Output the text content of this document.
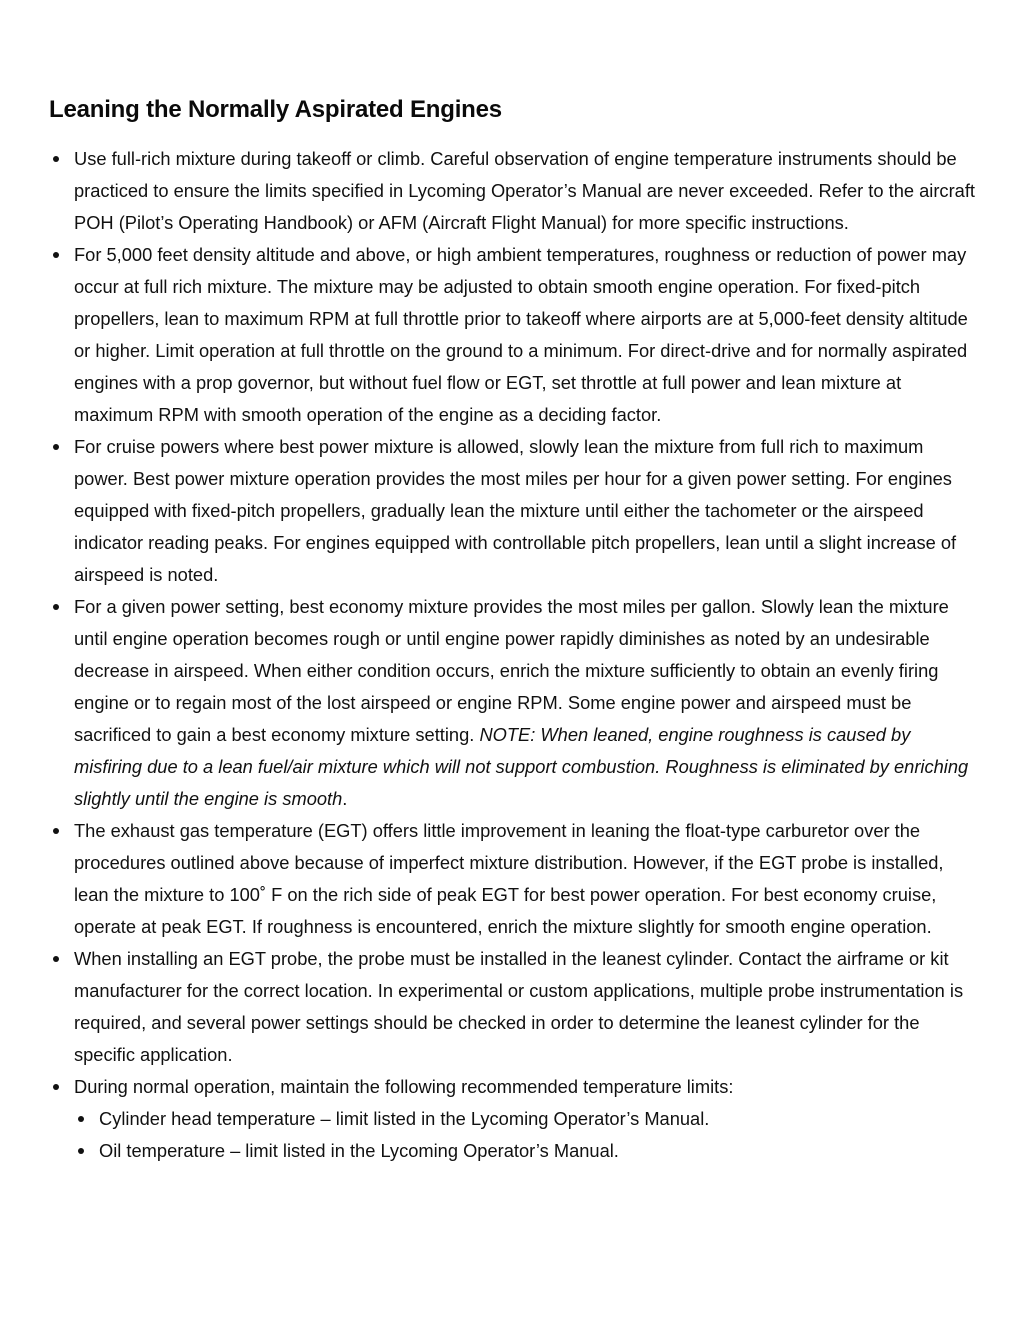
Leaning the Normally Aspirated Engines
Use full-rich mixture during takeoff or climb. Careful observation of engine temperature instruments should be practiced to ensure the limits specified in Lycoming Operator’s Manual are never exceeded. Refer to the aircraft POH (Pilot’s Operating Handbook) or AFM (Aircraft Flight Manual) for more specific instructions.
For 5,000 feet density altitude and above, or high ambient temperatures, roughness or reduction of power may occur at full rich mixture. The mixture may be adjusted to obtain smooth engine operation. For fixed-pitch propellers, lean to maximum RPM at full throttle prior to takeoff where airports are at 5,000-feet density altitude or higher. Limit operation at full throttle on the ground to a minimum. For direct-drive and for normally aspirated engines with a prop governor, but without fuel flow or EGT, set throttle at full power and lean mixture at maximum RPM with smooth operation of the engine as a deciding factor.
For cruise powers where best power mixture is allowed, slowly lean the mixture from full rich to maximum power. Best power mixture operation provides the most miles per hour for a given power setting. For engines equipped with fixed-pitch propellers, gradually lean the mixture until either the tachometer or the airspeed indicator reading peaks. For engines equipped with controllable pitch propellers, lean until a slight increase of airspeed is noted.
For a given power setting, best economy mixture provides the most miles per gallon. Slowly lean the mixture until engine operation becomes rough or until engine power rapidly diminishes as noted by an undesirable decrease in airspeed. When either condition occurs, enrich the mixture sufficiently to obtain an evenly firing engine or to regain most of the lost airspeed or engine RPM. Some engine power and airspeed must be sacrificed to gain a best economy mixture setting. NOTE: When leaned, engine roughness is caused by misfiring due to a lean fuel/air mixture which will not support combustion. Roughness is eliminated by enriching slightly until the engine is smooth.
The exhaust gas temperature (EGT) offers little improvement in leaning the float-type carburetor over the procedures outlined above because of imperfect mixture distribution. However, if the EGT probe is installed, lean the mixture to 100˚ F on the rich side of peak EGT for best power operation. For best economy cruise, operate at peak EGT. If roughness is encountered, enrich the mixture slightly for smooth engine operation.
When installing an EGT probe, the probe must be installed in the leanest cylinder. Contact the airframe or kit manufacturer for the correct location. In experimental or custom applications, multiple probe instrumentation is required, and several power settings should be checked in order to determine the leanest cylinder for the specific application.
During normal operation, maintain the following recommended temperature limits:
Cylinder head temperature – limit listed in the Lycoming Operator’s Manual.
Oil temperature – limit listed in the Lycoming Operator’s Manual.
